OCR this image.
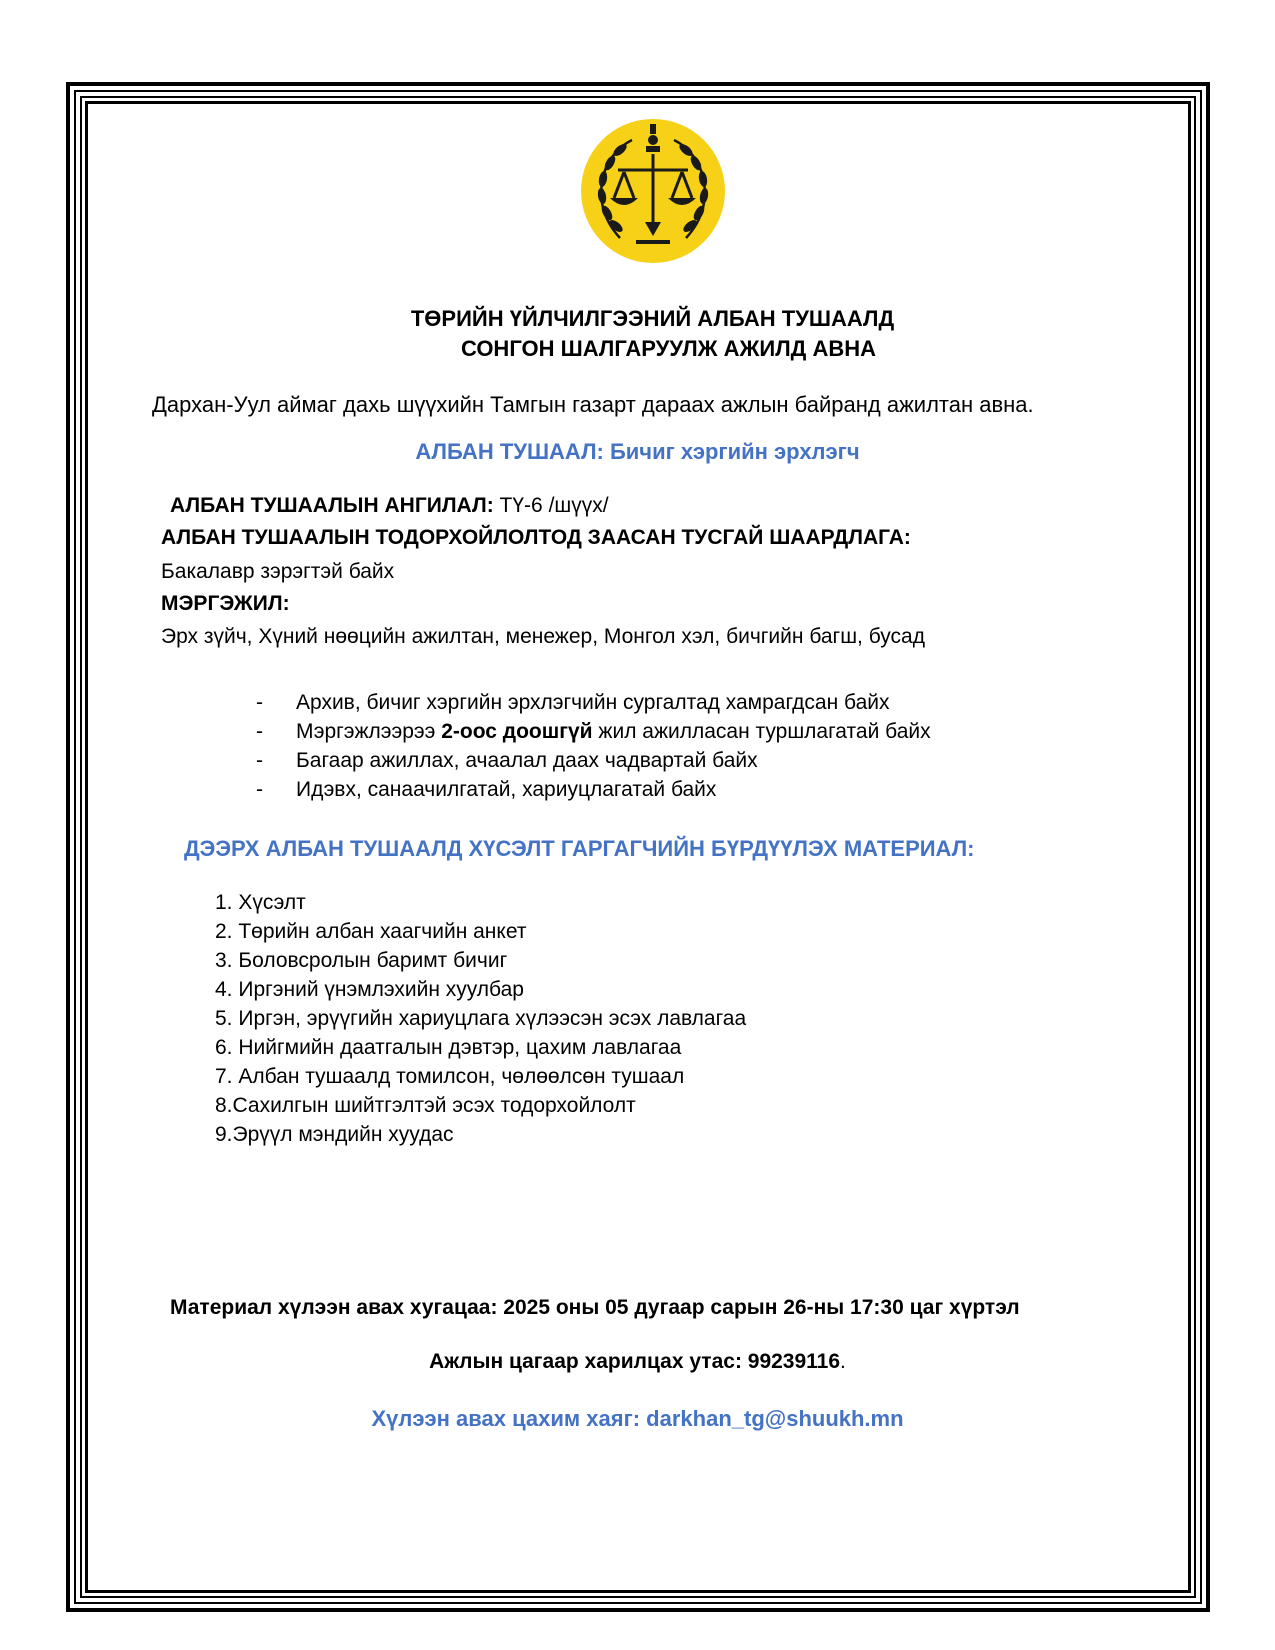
ТӨРИЙН ҮЙЛЧИЛГЭЭНИЙ АЛБАН ТУШААЛД
СОНГОН ШАЛГАРУУЛЖ АЖИЛД АВНА
Дархан-Уул аймаг дахь шүүхийн Тамгын газарт дараах ажлын байранд ажилтан авна.
АЛБАН ТУШААЛ: Бичиг хэргийн эрхлэгч
АЛБАН ТУШААЛЫН АНГИЛАЛ: ТҮ-6 /шүүх/
АЛБАН ТУШААЛЫН ТОДОРХОЙЛОЛТОД ЗААСАН ТУСГАЙ ШААРДЛАГА:
Бакалавр зэрэгтэй байх
МЭРГЭЖИЛ:
Эрх зүйч, Хүний нөөцийн ажилтан, менежер, Монгол хэл, бичгийн багш, бусад
-	Архив, бичиг хэргийн эрхлэгчийн сургалтад хамрагдсан байх
-	Мэргэжлээрээ 2-оос доошгүй жил ажилласан туршлагатай байх
-	Багаар ажиллах, ачаалал даах чадвартай байх
-	Идэвх, санаачилгатай, хариуцлагатай байх
ДЭЭРХ АЛБАН ТУШААЛД ХҮСЭЛТ ГАРГАГЧИЙН БҮРДҮҮЛЭХ МАТЕРИАЛ:
1. Хүсэлт
2. Төрийн албан хаагчийн анкет
3. Боловсролын баримт бичиг
4. Иргэний үнэмлэхийн хуулбар
5. Иргэн, эрүүгийн хариуцлага хүлээсэн эсэх лавлагаа
6. Нийгмийн даатгалын дэвтэр, цахим лавлагаа
7. Албан тушаалд томилсон, чөлөөлсөн тушаал
8.Сахилгын шийтгэлтэй эсэх тодорхойлолт
9.Эрүүл мэндийн хуудас
Материал хүлээн авах хугацаа: 2025 оны 05 дугаар сарын 26-ны 17:30 цаг хүртэл
Ажлын цагаар харилцах утас: 99239116.
Хүлээн авах цахим хаяг: darkhan_tg@shuukh.mn
